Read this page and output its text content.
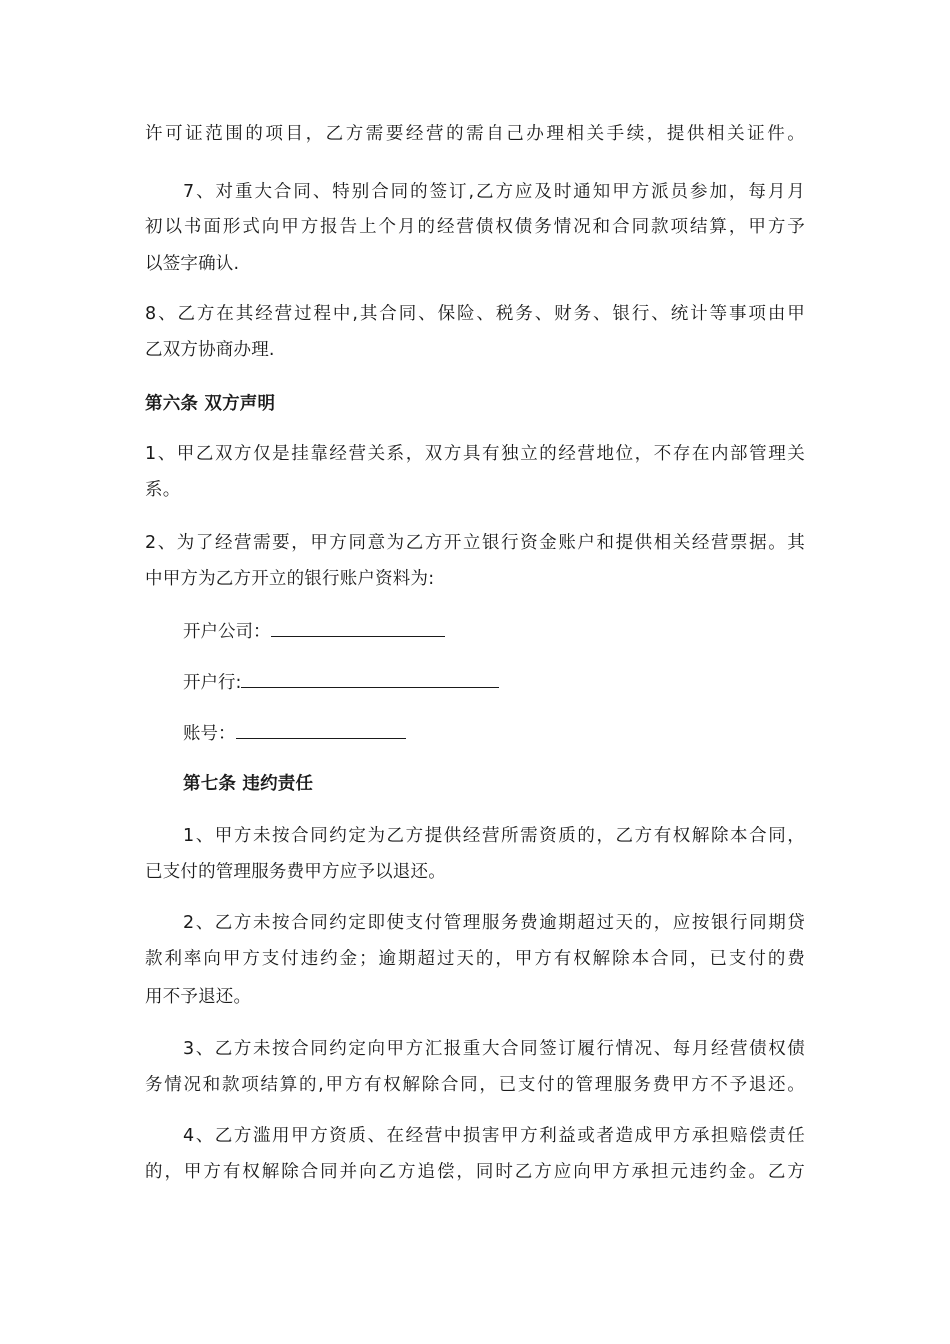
许可证范围的项目，乙方需要经营的需自己办理相关手续，提供相关证件。
7、对重大合同、特别合同的签订,乙方应及时通知甲方派员参加，每月月
初以书面形式向甲方报告上个月的经营债权债务情况和合同款项结算，甲方予
以签字确认.
8、乙方在其经营过程中,其合同、保险、税务、财务、银行、统计等事项由甲
乙双方协商办理.
第六条 双方声明
1、甲乙双方仅是挂靠经营关系，双方具有独立的经营地位，不存在内部管理关
系。
2、为了经营需要，甲方同意为乙方开立银行资金账户和提供相关经营票据。其
中甲方为乙方开立的银行账户资料为:
开户公司：
开户行:
账号：
第七条 违约责任
1、甲方未按合同约定为乙方提供经营所需资质的，乙方有权解除本合同，
已支付的管理服务费甲方应予以退还。
2、乙方未按合同约定即使支付管理服务费逾期超过天的，应按银行同期贷
款利率向甲方支付违约金；逾期超过天的，甲方有权解除本合同，已支付的费
用不予退还。
3、乙方未按合同约定向甲方汇报重大合同签订履行情况、每月经营债权债
务情况和款项结算的,甲方有权解除合同，已支付的管理服务费甲方不予退还。
4、乙方滥用甲方资质、在经营中损害甲方利益或者造成甲方承担赔偿责任
的，甲方有权解除合同并向乙方追偿，同时乙方应向甲方承担元违约金。乙方
